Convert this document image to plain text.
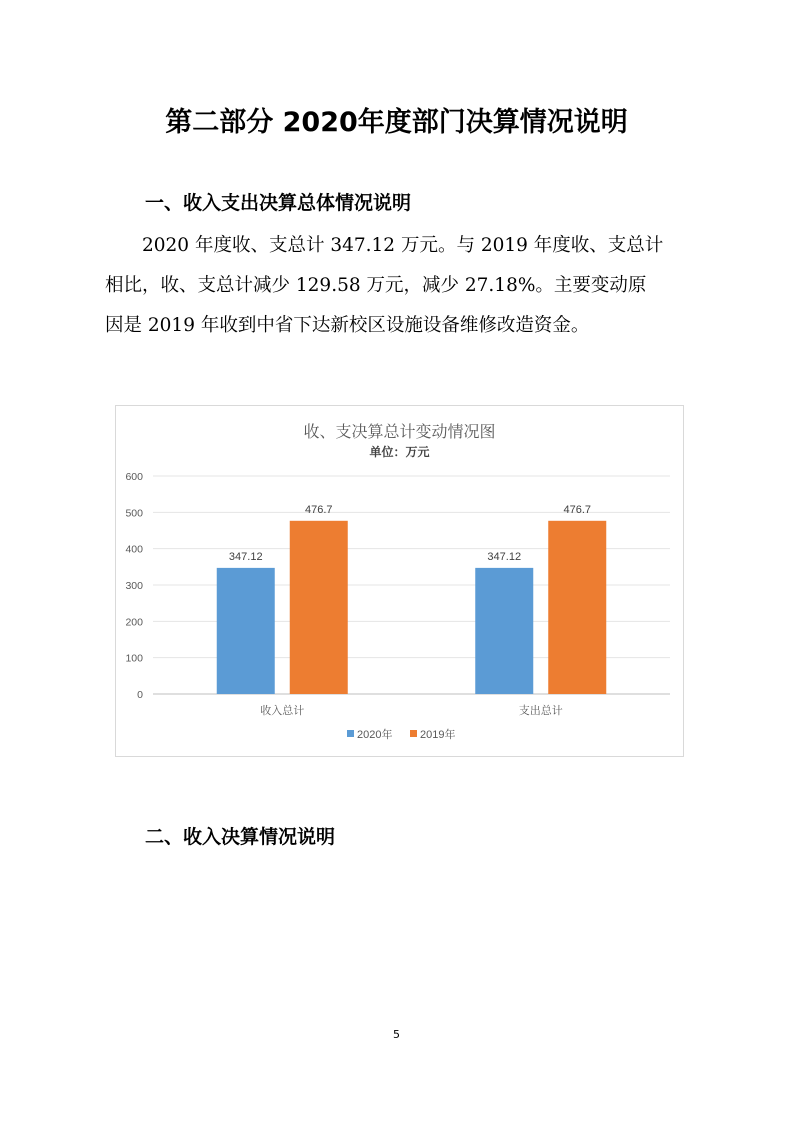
第二部分 2020年度部门决算情况说明
一、收入支出决算总体情况说明
2020 年度收、支总计 347.12 万元。与 2019 年度收、支总计
相比，收、支总计减少 129.58 万元，减少 27.18%。主要变动原
因是 2019 年收到中省下达新校区设施设备维修改造资金。
收、支决算总计变动情况图
单位：万元
0
100
200
300
400
500
600
347.12
476.7
收入总计
347.12
476.7
支出总计
2020年	2019年
二、收入决算情况说明
5
